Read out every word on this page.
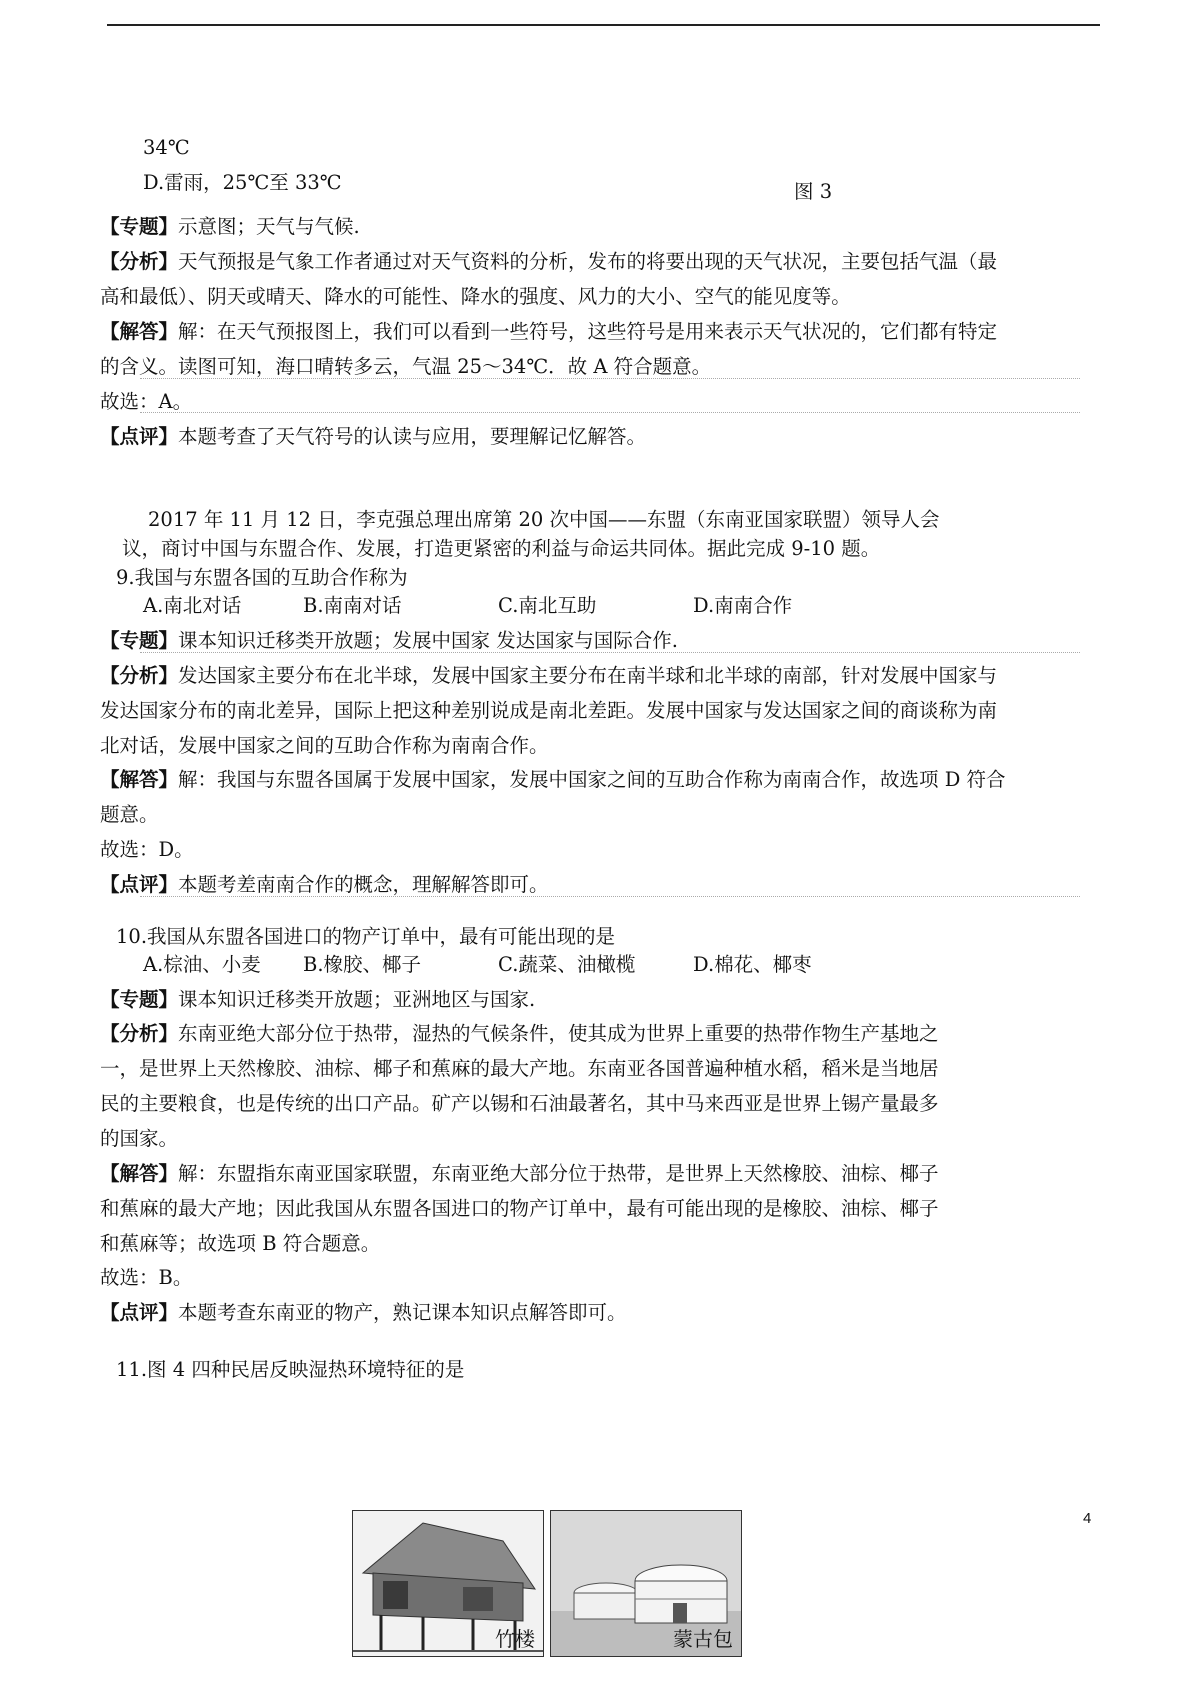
34℃
D.雷雨，25℃至 33℃	图 3
【专题】示意图；天气与气候.
【分析】天气预报是气象工作者通过对天气资料的分析，发布的将要出现的天气状况，主要包括气温（最
高和最低）、阴天或晴天、降水的可能性、降水的强度、风力的大小、空气的能见度等。
【解答】解：在天气预报图上，我们可以看到一些符号，这些符号是用来表示天气状况的，它们都有特定
的含义。读图可知，海口晴转多云，气温 25～34℃．故 A 符合题意。
故选：A。
【点评】本题考查了天气符号的认读与应用，要理解记忆解答。
2017 年 11 月 12 日，李克强总理出席第 20 次中国——东盟（东南亚国家联盟）领导人会
议，商讨中国与东盟合作、发展，打造更紧密的利益与命运共同体。据此完成 9-10 题。
9.我国与东盟各国的互助合作称为
A.南北对话	B.南南对话	C.南北互助	D.南南合作
【专题】课本知识迁移类开放题；发展中国家 发达国家与国际合作.
【分析】发达国家主要分布在北半球，发展中国家主要分布在南半球和北半球的南部，针对发展中国家与
发达国家分布的南北差异，国际上把这种差别说成是南北差距。发展中国家与发达国家之间的商谈称为南
北对话，发展中国家之间的互助合作称为南南合作。
【解答】解：我国与东盟各国属于发展中国家，发展中国家之间的互助合作称为南南合作，故选项 D 符合
题意。
故选：D。
【点评】本题考差南南合作的概念，理解解答即可。
10.我国从东盟各国进口的物产订单中，最有可能出现的是
A.棕油、小麦 B.橡胶、椰子	C.蔬菜、油橄榄	D.棉花、椰枣
【专题】课本知识迁移类开放题；亚洲地区与国家.
【分析】东南亚绝大部分位于热带，湿热的气候条件，使其成为世界上重要的热带作物生产基地之
一，是世界上天然橡胶、油棕、椰子和蕉麻的最大产地。东南亚各国普遍种植水稻，稻米是当地居
民的主要粮食，也是传统的出口产品。矿产以锡和石油最著名，其中马来西亚是世界上锡产量最多
的国家。
【解答】解：东盟指东南亚国家联盟，东南亚绝大部分位于热带，是世界上天然橡胶、油棕、椰子
和蕉麻的最大产地；因此我国从东盟各国进口的物产订单中，最有可能出现的是橡胶、油棕、椰子
和蕉麻等；故选项 B 符合题意。
故选：B。
【点评】本题考查东南亚的物产，熟记课本知识点解答即可。
11.图 4 四种民居反映湿热环境特征的是
竹楼	蒙古包
4
